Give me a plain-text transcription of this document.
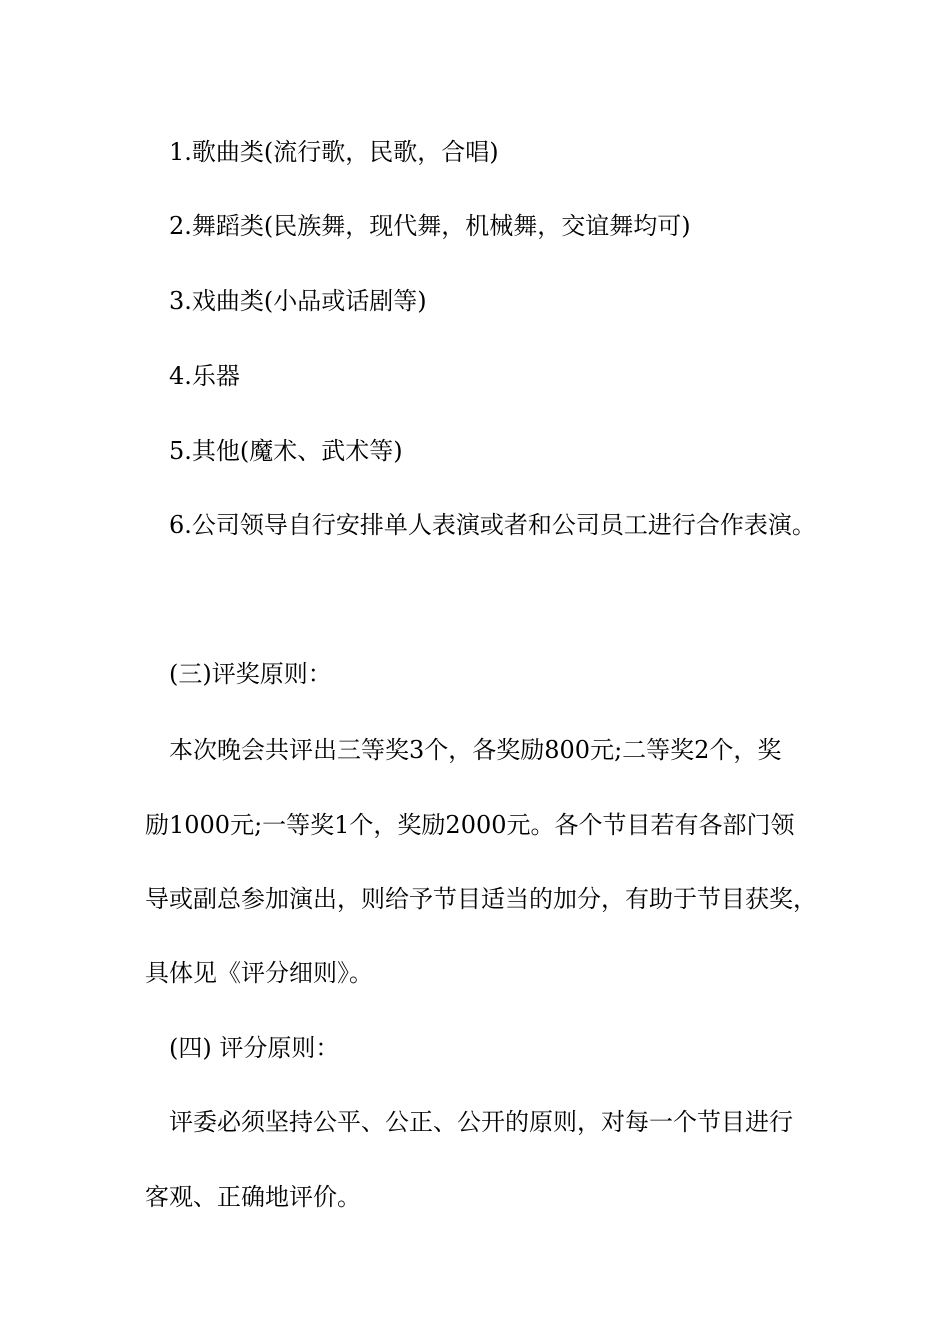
1.歌曲类(流行歌，民歌，合唱)
2.舞蹈类(民族舞，现代舞，机械舞，交谊舞均可)
3.戏曲类(小品或话剧等)
4.乐器
5.其他(魔术、武术等)
6.公司领导自行安排单人表演或者和公司员工进行合作表演。
(三)评奖原则：
本次晚会共评出三等奖3个，各奖励800元;二等奖2个，奖
励1000元;一等奖1个，奖励2000元。各个节目若有各部门领
导或副总参加演出，则给予节目适当的加分，有助于节目获奖，
具体见《评分细则》。
(四) 评分原则：
评委必须坚持公平、公正、公开的原则，对每一个节目进行
客观、正确地评价。
